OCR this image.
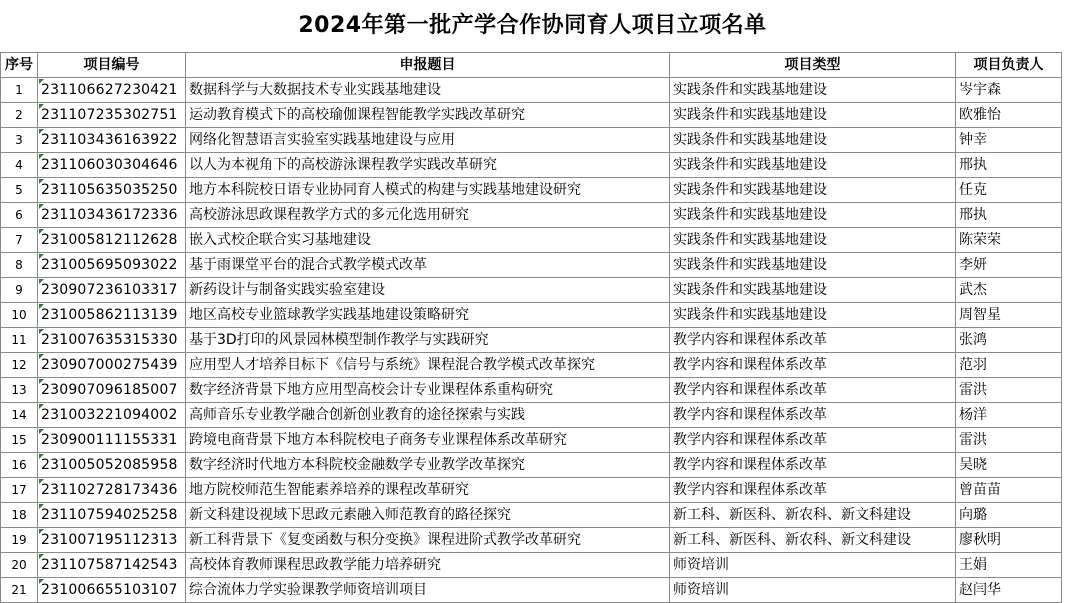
2024年第一批产学合作协同育人项目立项名单
序号	项目编号	申报题目	项目类型	项目负责人
1	231106627230421	数据科学与大数据技术专业实践基地建设	实践条件和实践基地建设	岑宇森
2	231107235302751	运动教育模式下的高校瑜伽课程智能教学实践改革研究	实践条件和实践基地建设	欧雅怡
3	231103436163922	网络化智慧语言实验室实践基地建设与应用	实践条件和实践基地建设	钟幸
4	231106030304646	以人为本视角下的高校游泳课程教学实践改革研究	实践条件和实践基地建设	邢执
5	231105635035250	地方本科院校日语专业协同育人模式的构建与实践基地建设研究	实践条件和实践基地建设	任克
6	231103436172336	高校游泳思政课程教学方式的多元化选用研究	实践条件和实践基地建设	邢执
7	231005812112628	嵌入式校企联合实习基地建设	实践条件和实践基地建设	陈荣荣
8	231005695093022	基于雨课堂平台的混合式教学模式改革	实践条件和实践基地建设	李妍
9	230907236103317	新药设计与制备实践实验室建设	实践条件和实践基地建设	武杰
10	231005862113139	地区高校专业篮球教学实践基地建设策略研究	实践条件和实践基地建设	周智星
11	231007635315330	基于3D打印的风景园林模型制作教学与实践研究	教学内容和课程体系改革	张鸿
12	230907000275439	应用型人才培养目标下《信号与系统》课程混合教学模式改革探究	教学内容和课程体系改革	范羽
13	230907096185007	数字经济背景下地方应用型高校会计专业课程体系重构研究	教学内容和课程体系改革	雷洪
14	231003221094002	高师音乐专业教学融合创新创业教育的途径探索与实践	教学内容和课程体系改革	杨洋
15	230900111155331	跨境电商背景下地方本科院校电子商务专业课程体系改革研究	教学内容和课程体系改革	雷洪
16	231005052085958	数字经济时代地方本科院校金融数学专业教学改革探究	教学内容和课程体系改革	吴晓
17	231102728173436	地方院校师范生智能素养培养的课程改革研究	教学内容和课程体系改革	曾苗苗
18	231107594025258	新文科建设视域下思政元素融入师范教育的路径探究	新工科、新医科、新农科、新文科建设	向璐
19	231007195112313	新工科背景下《复变函数与积分变换》课程进阶式教学改革研究	新工科、新医科、新农科、新文科建设	廖秋明
20	231107587142543	高校体育教师课程思政教学能力培养研究	师资培训	王娟
21	231006655103107	综合流体力学实验课教学师资培训项目	师资培训	赵闫华
